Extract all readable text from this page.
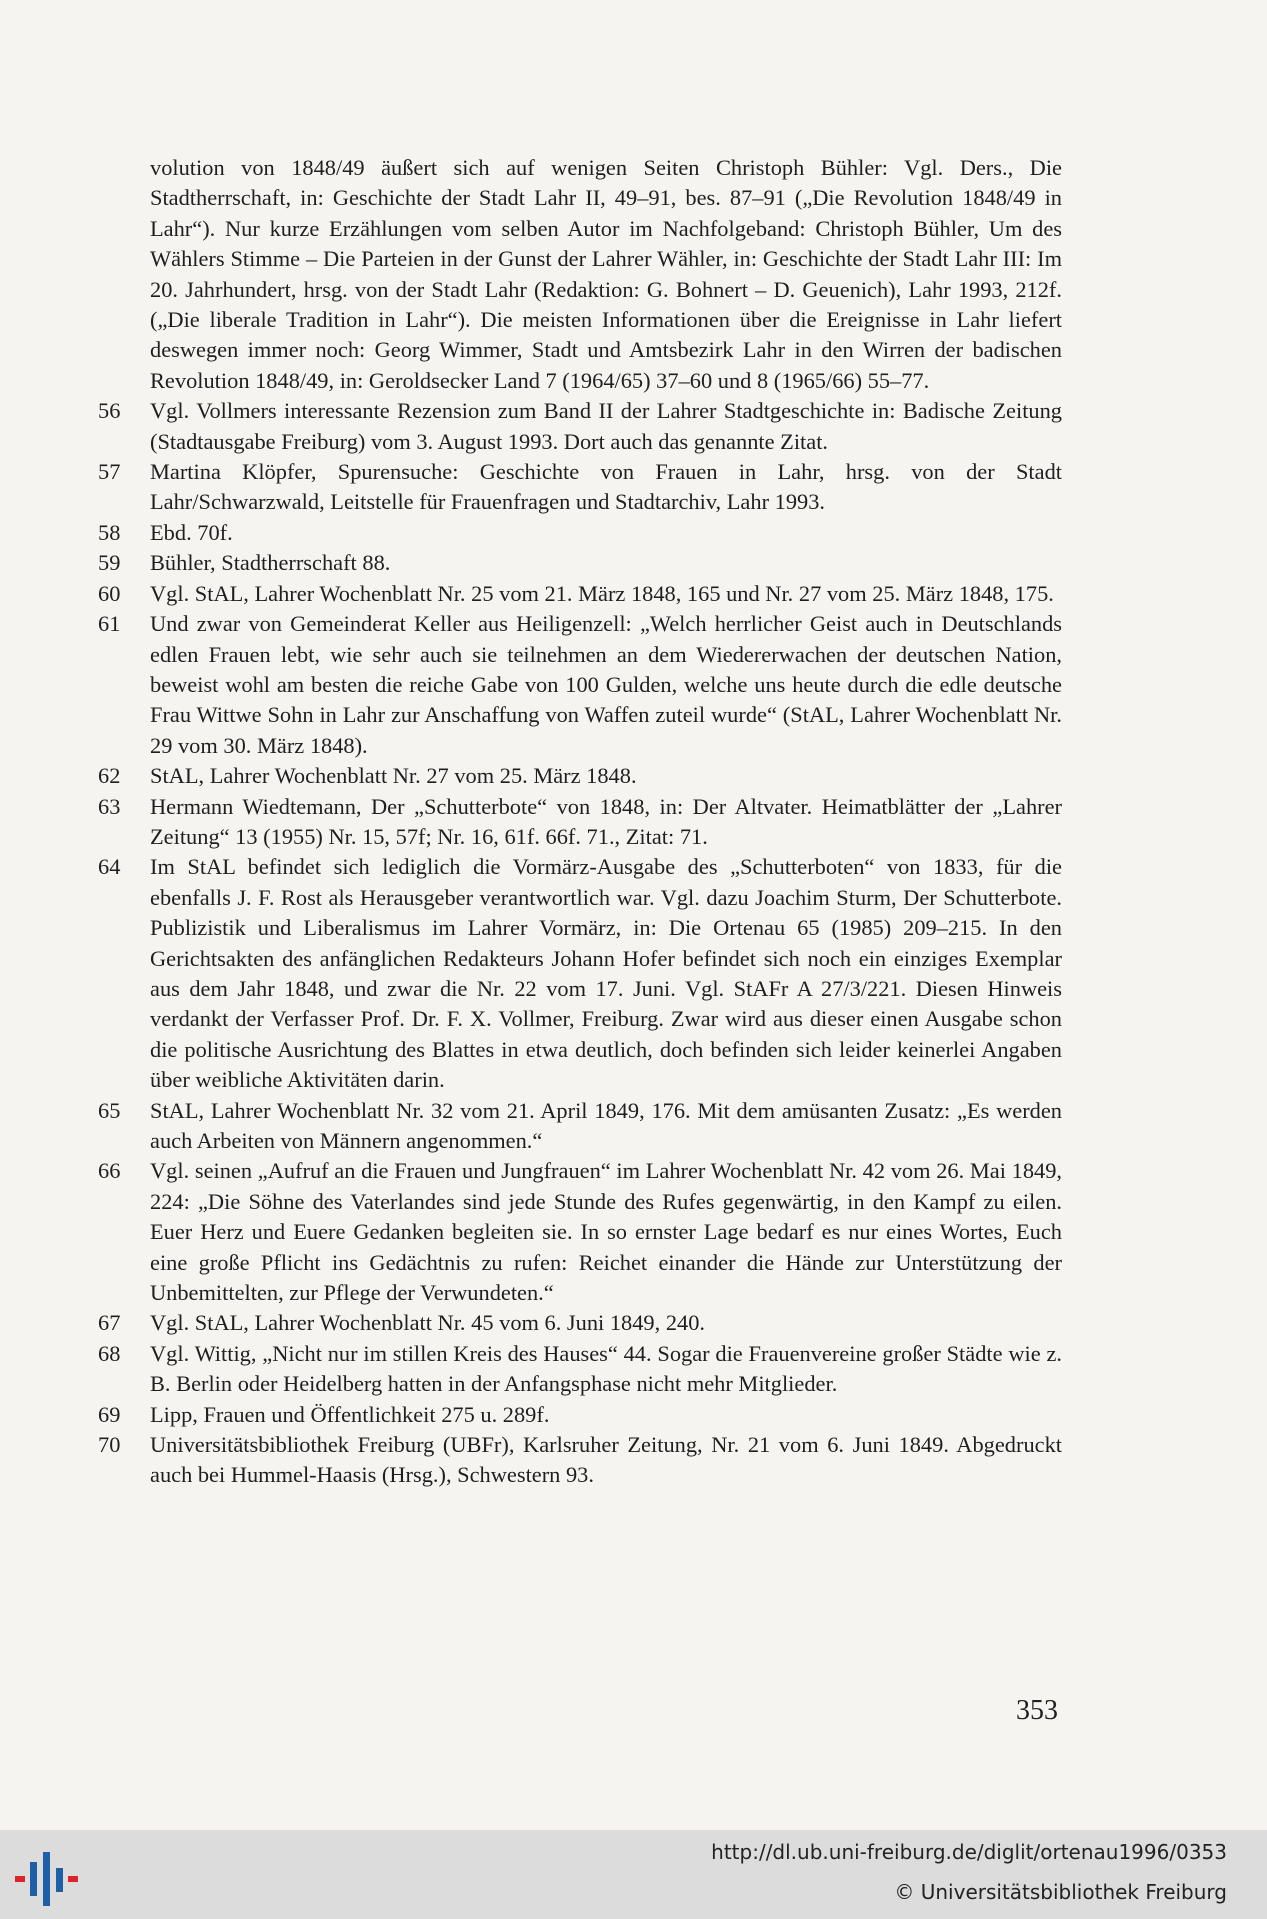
volution von 1848/49 äußert sich auf wenigen Seiten Christoph Bühler: Vgl. Ders., Die Stadtherrschaft, in: Geschichte der Stadt Lahr II, 49–91, bes. 87–91 („Die Revolution 1848/49 in Lahr“). Nur kurze Erzählungen vom selben Autor im Nachfolgeband: Christoph Bühler, Um des Wählers Stimme – Die Parteien in der Gunst der Lahrer Wähler, in: Geschichte der Stadt Lahr III: Im 20. Jahrhundert, hrsg. von der Stadt Lahr (Redaktion: G. Bohnert – D. Geuenich), Lahr 1993, 212f. („Die liberale Tradition in Lahr“). Die meisten Informationen über die Ereignisse in Lahr liefert deswegen immer noch: Georg Wimmer, Stadt und Amtsbezirk Lahr in den Wirren der badischen Revolution 1848/49, in: Geroldsecker Land 7 (1964/65) 37–60 und 8 (1965/66) 55–77.
56	Vgl. Vollmers interessante Rezension zum Band II der Lahrer Stadtgeschichte in: Badische Zeitung (Stadtausgabe Freiburg) vom 3. August 1993. Dort auch das genannte Zitat.
57	Martina Klöpfer, Spurensuche: Geschichte von Frauen in Lahr, hrsg. von der Stadt Lahr/Schwarzwald, Leitstelle für Frauenfragen und Stadtarchiv, Lahr 1993.
58	Ebd. 70f.
59	Bühler, Stadtherrschaft 88.
60	Vgl. StAL, Lahrer Wochenblatt Nr. 25 vom 21. März 1848, 165 und Nr. 27 vom 25. März 1848, 175.
61	Und zwar von Gemeinderat Keller aus Heiligenzell: „Welch herrlicher Geist auch in Deutschlands edlen Frauen lebt, wie sehr auch sie teilnehmen an dem Wiedererwachen der deutschen Nation, beweist wohl am besten die reiche Gabe von 100 Gulden, welche uns heute durch die edle deutsche Frau Wittwe Sohn in Lahr zur Anschaffung von Waffen zuteil wurde“ (StAL, Lahrer Wochenblatt Nr. 29 vom 30. März 1848).
62	StAL, Lahrer Wochenblatt Nr. 27 vom 25. März 1848.
63	Hermann Wiedtemann, Der „Schutterbote“ von 1848, in: Der Altvater. Heimatblätter der „Lahrer Zeitung“ 13 (1955) Nr. 15, 57f; Nr. 16, 61f. 66f. 71., Zitat: 71.
64	Im StAL befindet sich lediglich die Vormärz-Ausgabe des „Schutterboten“ von 1833, für die ebenfalls J. F. Rost als Herausgeber verantwortlich war. Vgl. dazu Joachim Sturm, Der Schutterbote. Publizistik und Liberalismus im Lahrer Vormärz, in: Die Ortenau 65 (1985) 209–215. In den Gerichtsakten des anfänglichen Redakteurs Johann Hofer befindet sich noch ein einziges Exemplar aus dem Jahr 1848, und zwar die Nr. 22 vom 17. Juni. Vgl. StAFr A 27/3/221. Diesen Hinweis verdankt der Verfasser Prof. Dr. F. X. Vollmer, Freiburg. Zwar wird aus dieser einen Ausgabe schon die politische Ausrichtung des Blattes in etwa deutlich, doch befinden sich leider keinerlei Angaben über weibliche Aktivitäten darin.
65	StAL, Lahrer Wochenblatt Nr. 32 vom 21. April 1849, 176. Mit dem amüsanten Zusatz: „Es werden auch Arbeiten von Männern angenommen.“
66	Vgl. seinen „Aufruf an die Frauen und Jungfrauen“ im Lahrer Wochenblatt Nr. 42 vom 26. Mai 1849, 224: „Die Söhne des Vaterlandes sind jede Stunde des Rufes gegenwärtig, in den Kampf zu eilen. Euer Herz und Euere Gedanken begleiten sie. In so ernster Lage bedarf es nur eines Wortes, Euch eine große Pflicht ins Gedächtnis zu rufen: Reichet einander die Hände zur Unterstützung der Unbemittelten, zur Pflege der Verwundeten.“
67	Vgl. StAL, Lahrer Wochenblatt Nr. 45 vom 6. Juni 1849, 240.
68	Vgl. Wittig, „Nicht nur im stillen Kreis des Hauses“ 44. Sogar die Frauenvereine großer Städte wie z. B. Berlin oder Heidelberg hatten in der Anfangsphase nicht mehr Mitglieder.
69	Lipp, Frauen und Öffentlichkeit 275 u. 289f.
70	Universitätsbibliothek Freiburg (UBFr), Karlsruher Zeitung, Nr. 21 vom 6. Juni 1849. Abgedruckt auch bei Hummel-Haasis (Hrsg.), Schwestern 93.
353
http://dl.ub.uni-freiburg.de/diglit/ortenau1996/0353
© Universitätsbibliothek Freiburg
